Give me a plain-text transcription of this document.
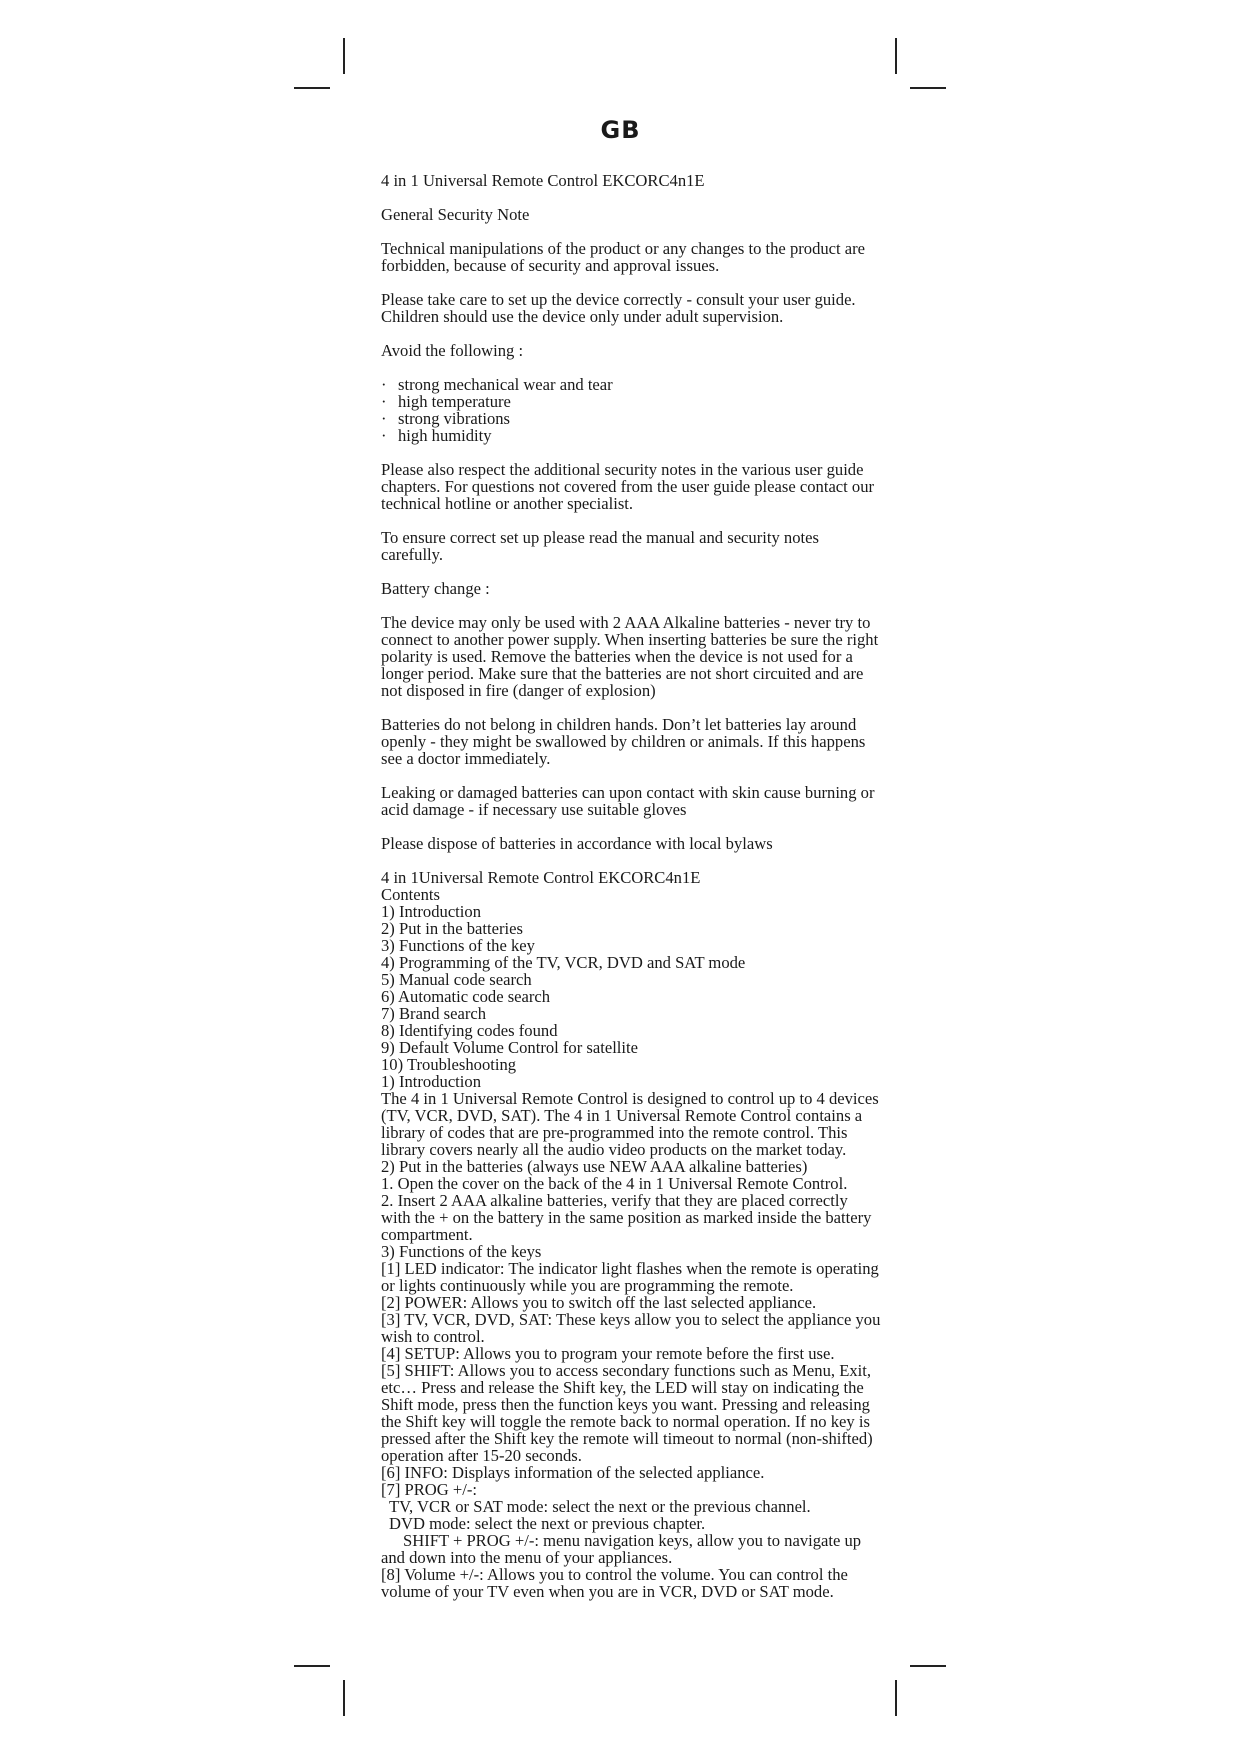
GB

4 in 1 Universal Remote Control EKCORC4n1E

General Security Note

Technical manipulations of the product or any changes to the product are forbidden, because of security and approval issues.

Please take care to set up the device correctly - consult your user guide. Children should use the device only under adult supervision.

Avoid the following :

· strong mechanical wear and tear
· high temperature
· strong vibrations
· high humidity

Please also respect the additional security notes in the various user guide chapters. For questions not covered from the user guide please contact our technical hotline or another specialist.

To ensure correct set up please read the manual and security notes carefully.

Battery change :

The device may only be used with 2 AAA Alkaline batteries - never try to connect to another power supply. When inserting batteries be sure the right polarity is used. Remove the batteries when the device is not used for a longer period. Make sure that the batteries are not short circuited and are not disposed in fire (danger of explosion)

Batteries do not belong in children hands. Don’t let batteries lay around openly - they might be swallowed by children or animals. If this happens see a doctor immediately.

Leaking or damaged batteries can upon contact with skin cause burning or acid damage - if necessary use suitable gloves

Please dispose of batteries in accordance with local bylaws

4 in 1Universal Remote Control EKCORC4n1E
Contents
1) Introduction
2) Put in the batteries
3) Functions of the key
4) Programming of the TV, VCR, DVD and SAT mode
5) Manual code search
6) Automatic code search
7) Brand search
8) Identifying codes found
9) Default Volume Control for satellite
10) Troubleshooting
1) Introduction
The 4 in 1 Universal Remote Control is designed to control up to 4 devices (TV, VCR, DVD, SAT). The 4 in 1 Universal Remote Control contains a library of codes that are pre-programmed into the remote control. This library covers nearly all the audio video products on the market today.
2) Put in the batteries (always use NEW AAA alkaline batteries)
1. Open the cover on the back of the 4 in 1 Universal Remote Control.
2. Insert 2 AAA alkaline batteries, verify that they are placed correctly with the + on the battery in the same position as marked inside the battery compartment.
3) Functions of the keys
[1] LED indicator: The indicator light flashes when the remote is operating or lights continuously while you are programming the remote.
[2] POWER: Allows you to switch off the last selected appliance.
[3] TV, VCR, DVD, SAT: These keys allow you to select the appliance you wish to control.
[4] SETUP: Allows you to program your remote before the first use.
[5] SHIFT: Allows you to access secondary functions such as Menu, Exit, etc… Press and release the Shift key, the LED will stay on indicating the Shift mode, press then the function keys you want. Pressing and releasing the Shift key will toggle the remote back to normal operation. If no key is pressed after the Shift key the remote will timeout to normal (non-shifted) operation after 15-20 seconds.
[6] INFO: Displays information of the selected appliance.
[7] PROG +/-:
TV, VCR or SAT mode: select the next or the previous channel.
DVD mode: select the next or previous chapter.
SHIFT + PROG +/-: menu navigation keys, allow you to navigate up and down into the menu of your appliances.
[8] Volume +/-: Allows you to control the volume. You can control the volume of your TV even when you are in VCR, DVD or SAT mode.
